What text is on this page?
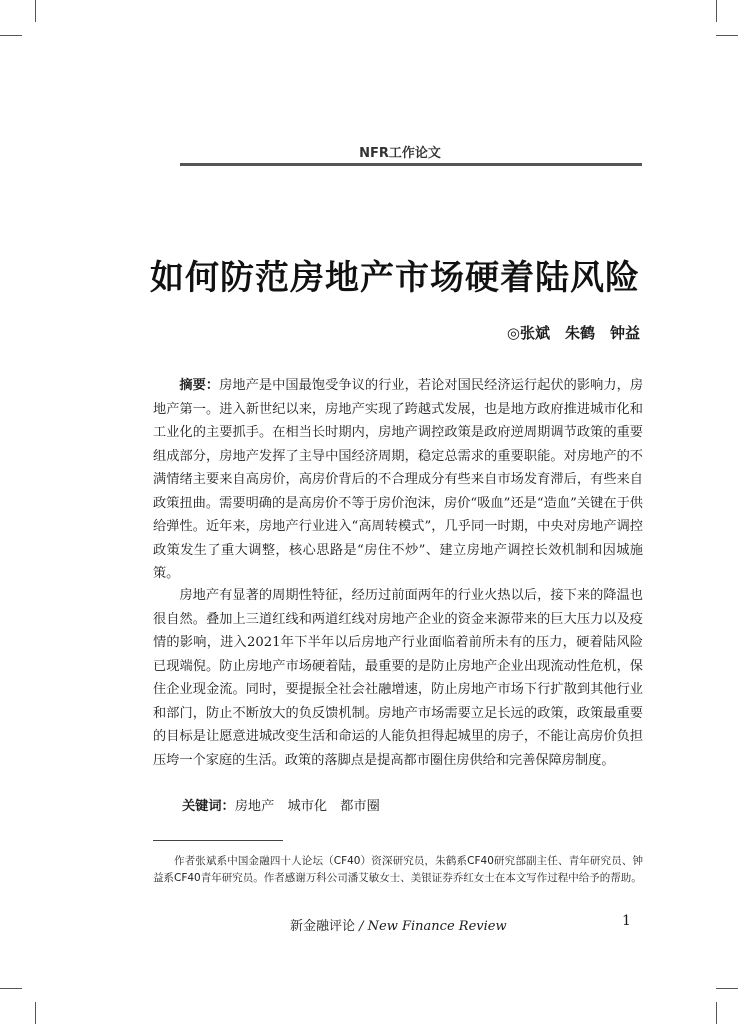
NFR工作论文
如何防范房地产市场硬着陆风险
◎张斌　朱鹤　钟益
摘要：房地产是中国最饱受争议的行业，若论对国民经济运行起伏的影响力，房地产第一。进入新世纪以来，房地产实现了跨越式发展，也是地方政府推进城市化和工业化的主要抓手。在相当长时期内，房地产调控政策是政府逆周期调节政策的重要组成部分，房地产发挥了主导中国经济周期，稳定总需求的重要职能。对房地产的不满情绪主要来自高房价，高房价背后的不合理成分有些来自市场发育滞后，有些来自政策扭曲。需要明确的是高房价不等于房价泡沫，房价“吸血”还是“造血”关键在于供给弹性。近年来，房地产行业进入“高周转模式”，几乎同一时期，中央对房地产调控政策发生了重大调整，核心思路是“房住不炒”、建立房地产调控长效机制和因城施策。
房地产有显著的周期性特征，经历过前面两年的行业火热以后，接下来的降温也很自然。叠加上三道红线和两道红线对房地产企业的资金来源带来的巨大压力以及疫情的影响，进入2021年下半年以后房地产行业面临着前所未有的压力，硬着陆风险已现端倪。防止房地产市场硬着陆，最重要的是防止房地产企业出现流动性危机，保住企业现金流。同时，要提振全社会社融增速，防止房地产市场下行扩散到其他行业和部门，防止不断放大的负反馈机制。房地产市场需要立足长远的政策，政策最重要的目标是让愿意进城改变生活和命运的人能负担得起城里的房子，不能让高房价负担压垮一个家庭的生活。政策的落脚点是提高都市圈住房供给和完善保障房制度。
关键词：房地产　城市化　都市圈
作者张斌系中国金融四十人论坛（CF40）资深研究员，朱鹤系CF40研究部副主任、青年研究员、钟益系CF40青年研究员。作者感谢万科公司潘艾敏女士、美银证券乔红女士在本文写作过程中给予的帮助。
新金融评论 / New Finance Review	1
